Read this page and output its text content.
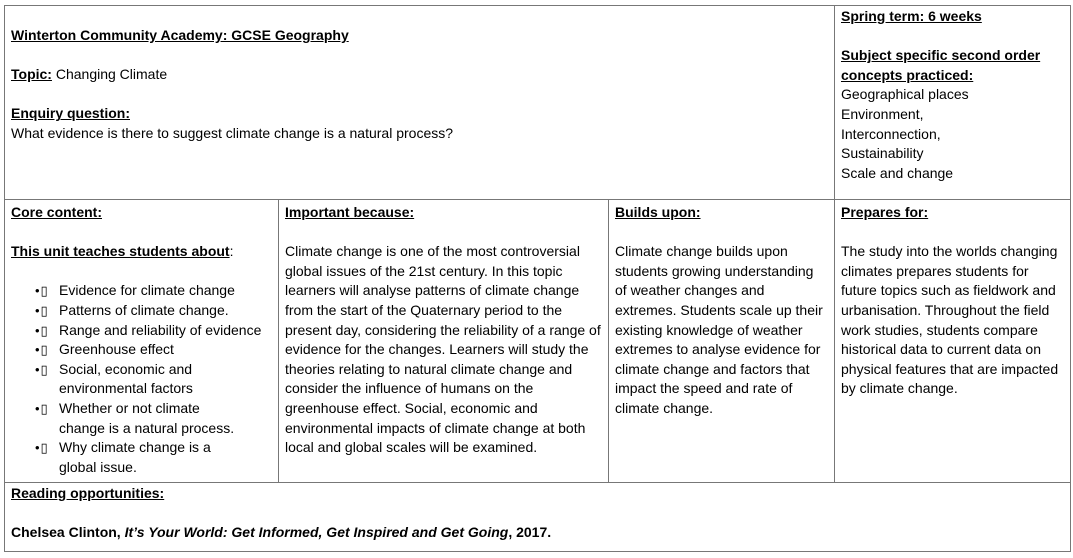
Winterton Community Academy: GCSE Geography

Topic: Changing Climate

Enquiry question:

What evidence is there to suggest climate change is a natural process?

Spring term: 6 weeks

Subject specific second order concepts practiced:

Geographical places

Environment,

Interconnection,

Sustainability

Scale and change

Core content:

This unit teaches students about:

•▯ Evidence for climate change
•▯ Patterns of climate change.
•▯ Range and reliability of evidence
•▯ Greenhouse effect
•▯ Social, economic and environmental factors
•▯ Whether or not climate change is a natural process.
•▯ Why climate change is a global issue.

Important because:

Climate change is one of the most controversial global issues of the 21st century. In this topic learners will analyse patterns of climate change from the start of the Quaternary period to the present day, considering the reliability of a range of evidence for the changes. Learners will study the theories relating to natural climate change and consider the influence of humans on the greenhouse effect. Social, economic and environmental impacts of climate change at both local and global scales will be examined.

Builds upon:

Climate change builds upon students growing understanding of weather changes and extremes. Students scale up their existing knowledge of weather extremes to analyse evidence for climate change and factors that impact the speed and rate of climate change.

Prepares for:

The study into the worlds changing climates prepares students for future topics such as fieldwork and urbanisation. Throughout the field work studies, students compare historical data to current data on physical features that are impacted by climate change.

Reading opportunities:

Chelsea Clinton, It’s Your World: Get Informed, Get Inspired and Get Going, 2017.
